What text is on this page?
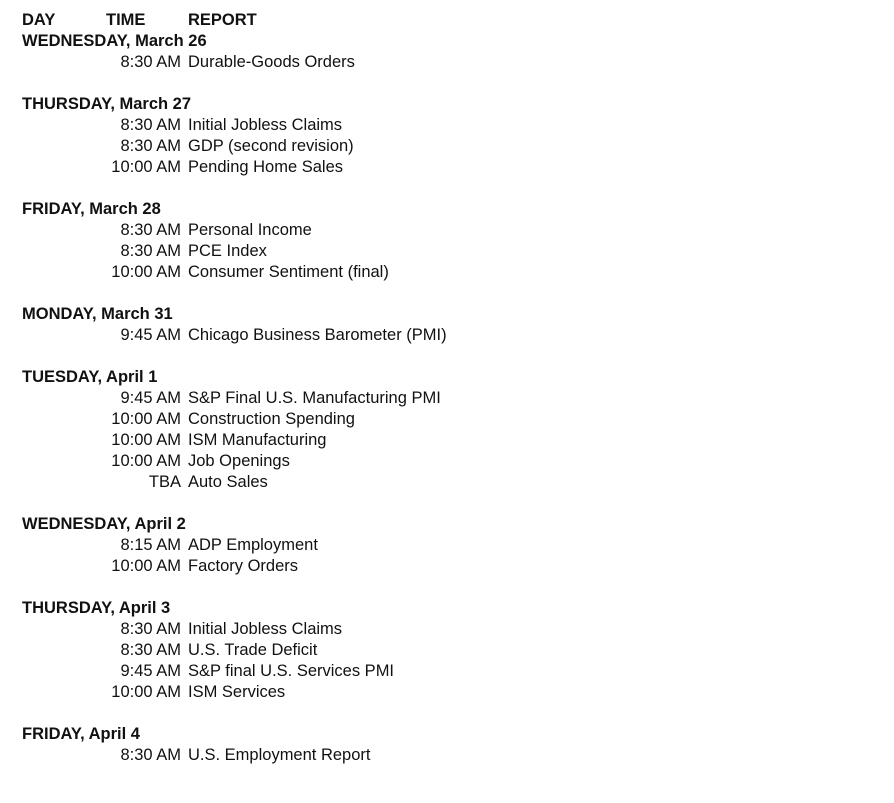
DAY	TIME REPORT
WEDNESDAY, March 26
8:30 AM Durable-Goods Orders
THURSDAY, March 27
8:30 AM Initial Jobless Claims
8:30 AM GDP (second revision)
10:00 AM Pending Home Sales
FRIDAY, March 28
8:30 AM Personal Income
8:30 AM PCE Index
10:00 AM Consumer Sentiment (final)
MONDAY, March 31
9:45 AM Chicago Business Barometer (PMI)
TUESDAY, April 1
9:45 AM S&P Final U.S. Manufacturing PMI
10:00 AM Construction Spending
10:00 AM ISM Manufacturing
10:00 AM Job Openings
TBA Auto Sales
WEDNESDAY, April 2
8:15 AM ADP Employment
10:00 AM Factory Orders
THURSDAY, April 3
8:30 AM Initial Jobless Claims
8:30 AM U.S. Trade Deficit
9:45 AM S&P final U.S. Services PMI
10:00 AM ISM Services
FRIDAY, April 4
8:30 AM U.S. Employment Report
